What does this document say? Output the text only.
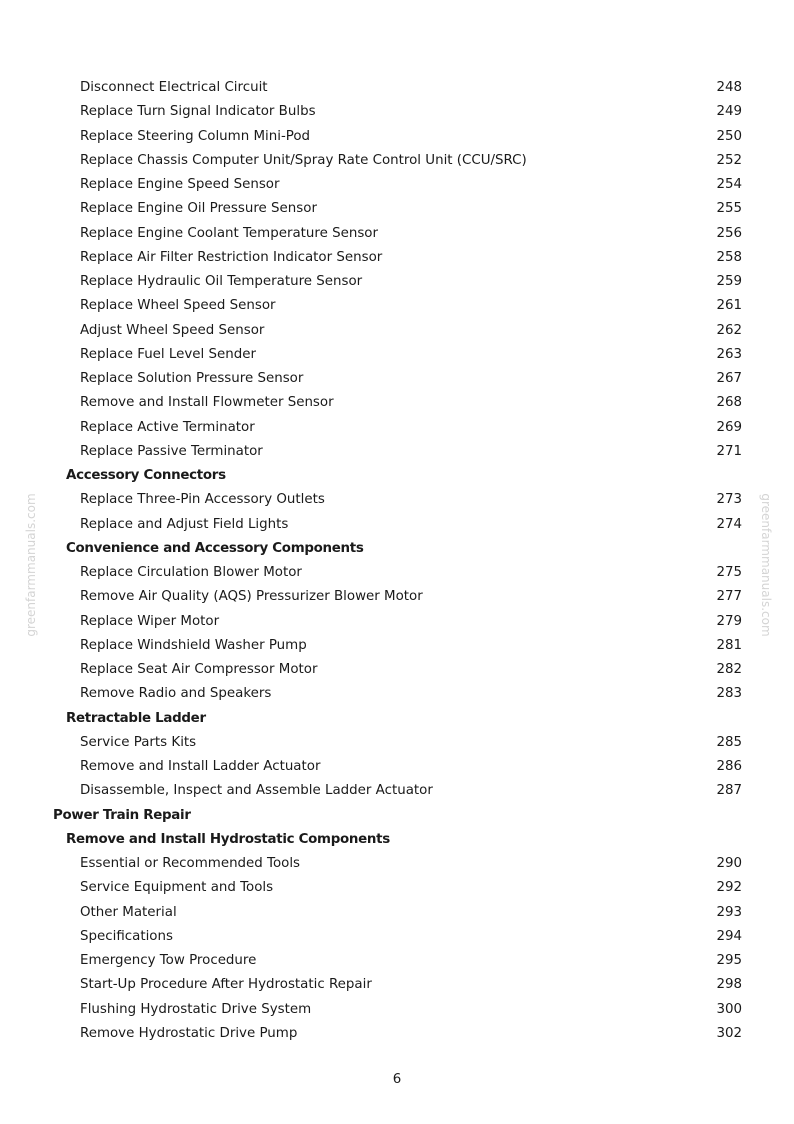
Disconnect Electrical Circuit	248
Replace Turn Signal Indicator Bulbs	249
Replace Steering Column Mini-Pod	250
Replace Chassis Computer Unit/Spray Rate Control Unit (CCU/SRC)	252
Replace Engine Speed Sensor	254
Replace Engine Oil Pressure Sensor	255
Replace Engine Coolant Temperature Sensor	256
Replace Air Filter Restriction Indicator Sensor	258
Replace Hydraulic Oil Temperature Sensor	259
Replace Wheel Speed Sensor	261
Adjust Wheel Speed Sensor	262
Replace Fuel Level Sender	263
Replace Solution Pressure Sensor	267
Remove and Install Flowmeter Sensor	268
Replace Active Terminator	269
Replace Passive Terminator	271
Accessory Connectors
Replace Three-Pin Accessory Outlets	273
Replace and Adjust Field Lights	274
Convenience and Accessory Components
Replace Circulation Blower Motor	275
Remove Air Quality (AQS) Pressurizer Blower Motor	277
Replace Wiper Motor	279
Replace Windshield Washer Pump	281
Replace Seat Air Compressor Motor	282
Remove Radio and Speakers	283
Retractable Ladder
Service Parts Kits	285
Remove and Install Ladder Actuator	286
Disassemble, Inspect and Assemble Ladder Actuator	287
Power Train Repair
Remove and Install Hydrostatic Components
Essential or Recommended Tools	290
Service Equipment and Tools	292
Other Material	293
Specifications	294
Emergency Tow Procedure	295
Start-Up Procedure After Hydrostatic Repair	298
Flushing Hydrostatic Drive System	300
Remove Hydrostatic Drive Pump	302
6
greenfarmmanuals.com	greenfarmmanuals.com
